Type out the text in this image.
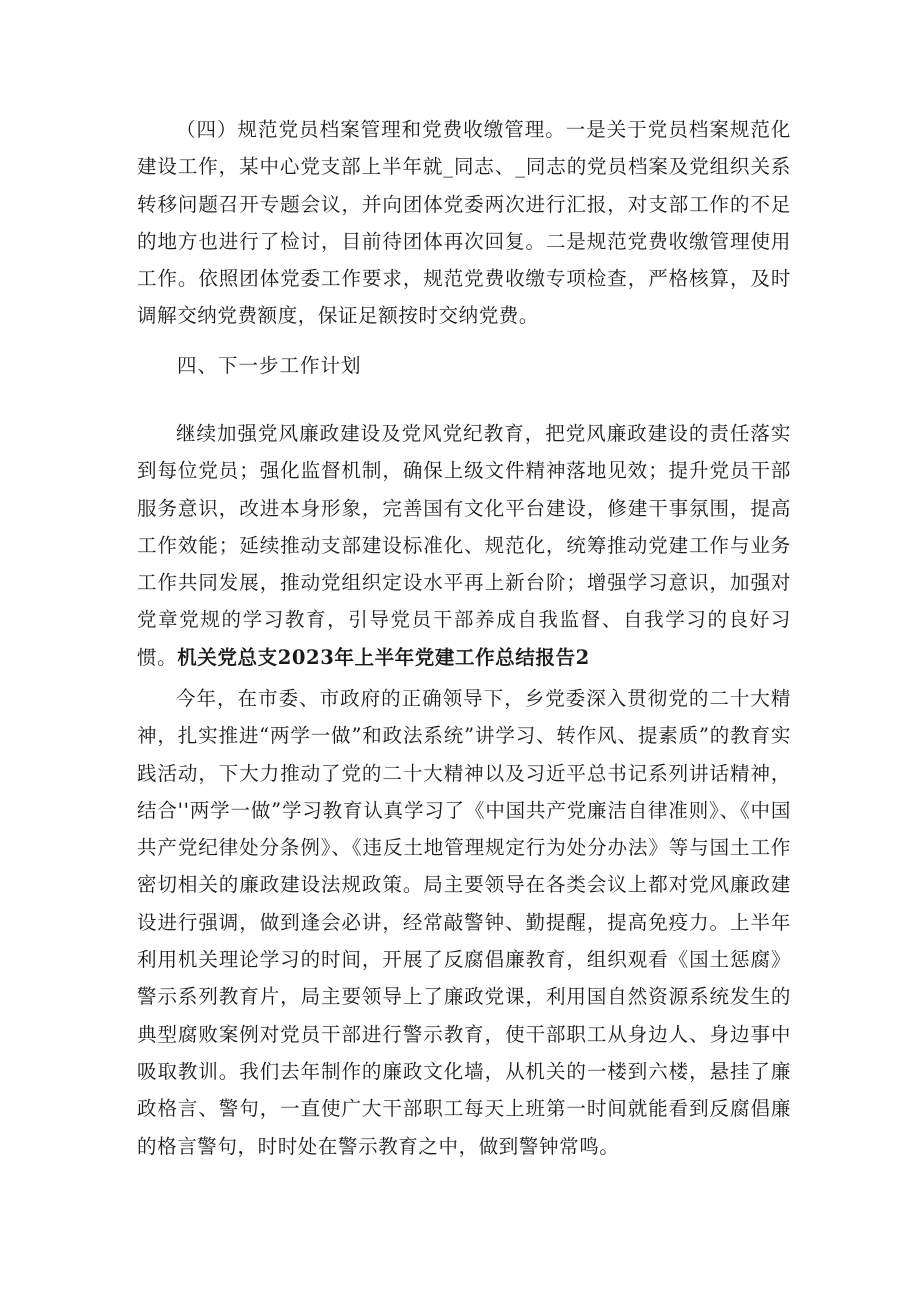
（四）规范党员档案管理和党费收缴管理。一是关于党员档案规范化建设工作，某中心党支部上半年就_同志、_同志的党员档案及党组织关系转移问题召开专题会议，并向团体党委两次进行汇报，对支部工作的不足的地方也进行了检讨，目前待团体再次回复。二是规范党费收缴管理使用工作。依照团体党委工作要求，规范党费收缴专项检查，严格核算，及时调解交纳党费额度，保证足额按时交纳党费。

四、下一步工作计划

继续加强党风廉政建设及党风党纪教育，把党风廉政建设的责任落实到每位党员；强化监督机制，确保上级文件精神落地见效；提升党员干部服务意识，改进本身形象，完善国有文化平台建设，修建干事氛围，提高工作效能；延续推动支部建设标准化、规范化，统筹推动党建工作与业务工作共同发展，推动党组织定设水平再上新台阶；增强学习意识，加强对党章党规的学习教育，引导党员干部养成自我监督、自我学习的良好习惯。机关党总支2023年上半年党建工作总结报告2

今年，在市委、市政府的正确领导下，乡党委深入贯彻党的二十大精神，扎实推进“两学一做”和政法系统”讲学习、转作风、提素质”的教育实践活动，下大力推动了党的二十大精神以及习近平总书记系列讲话精神，结合''两学一做”学习教育认真学习了《中国共产党廉洁自律准则》、《中国共产党纪律处分条例》、《违反土地管理规定行为处分办法》等与国土工作密切相关的廉政建设法规政策。局主要领导在各类会议上都对党风廉政建设进行强调，做到逢会必讲，经常敲警钟、勤提醒，提高免疫力。上半年利用机关理论学习的时间，开展了反腐倡廉教育，组织观看《国土惩腐》警示系列教育片，局主要领导上了廉政党课，利用国自然资源系统发生的典型腐败案例对党员干部进行警示教育，使干部职工从身边人、身边事中吸取教训。我们去年制作的廉政文化墙，从机关的一楼到六楼，悬挂了廉政格言、警句，一直使广大干部职工每天上班第一时间就能看到反腐倡廉的格言警句，时时处在警示教育之中，做到警钟常鸣。
